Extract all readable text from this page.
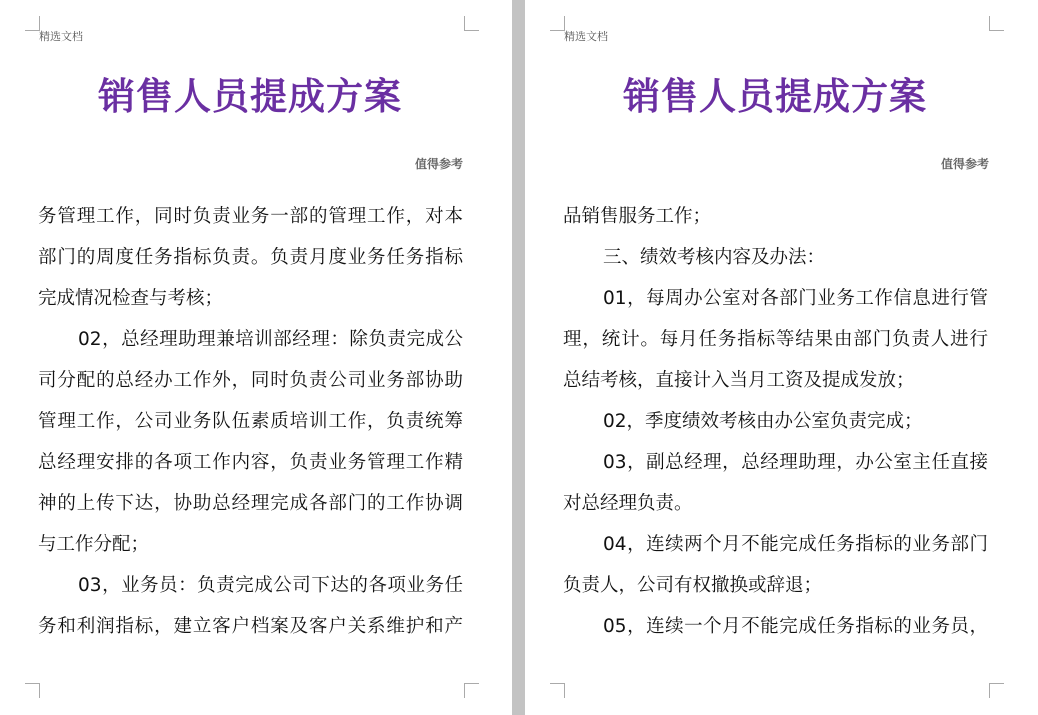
精选文档
销售人员提成方案
值得参考
务管理工作，同时负责业务一部的管理工作，对本
部门的周度任务指标负责。负责月度业务任务指标
完成情况检查与考核；
02，总经理助理兼培训部经理：除负责完成公
司分配的总经办工作外，同时负责公司业务部协助
管理工作，公司业务队伍素质培训工作，负责统筹
总经理安排的各项工作内容，负责业务管理工作精
神的上传下达，协助总经理完成各部门的工作协调
与工作分配；
03，业务员：负责完成公司下达的各项业务任
务和利润指标，建立客户档案及客户关系维护和产
精选文档
销售人员提成方案
值得参考
品销售服务工作；
三、绩效考核内容及办法：
01，每周办公室对各部门业务工作信息进行管
理，统计。每月任务指标等结果由部门负责人进行
总结考核，直接计入当月工资及提成发放；
02，季度绩效考核由办公室负责完成；
03，副总经理，总经理助理，办公室主任直接
对总经理负责。
04，连续两个月不能完成任务指标的业务部门
负责人，公司有权撤换或辞退；
05，连续一个月不能完成任务指标的业务员，
